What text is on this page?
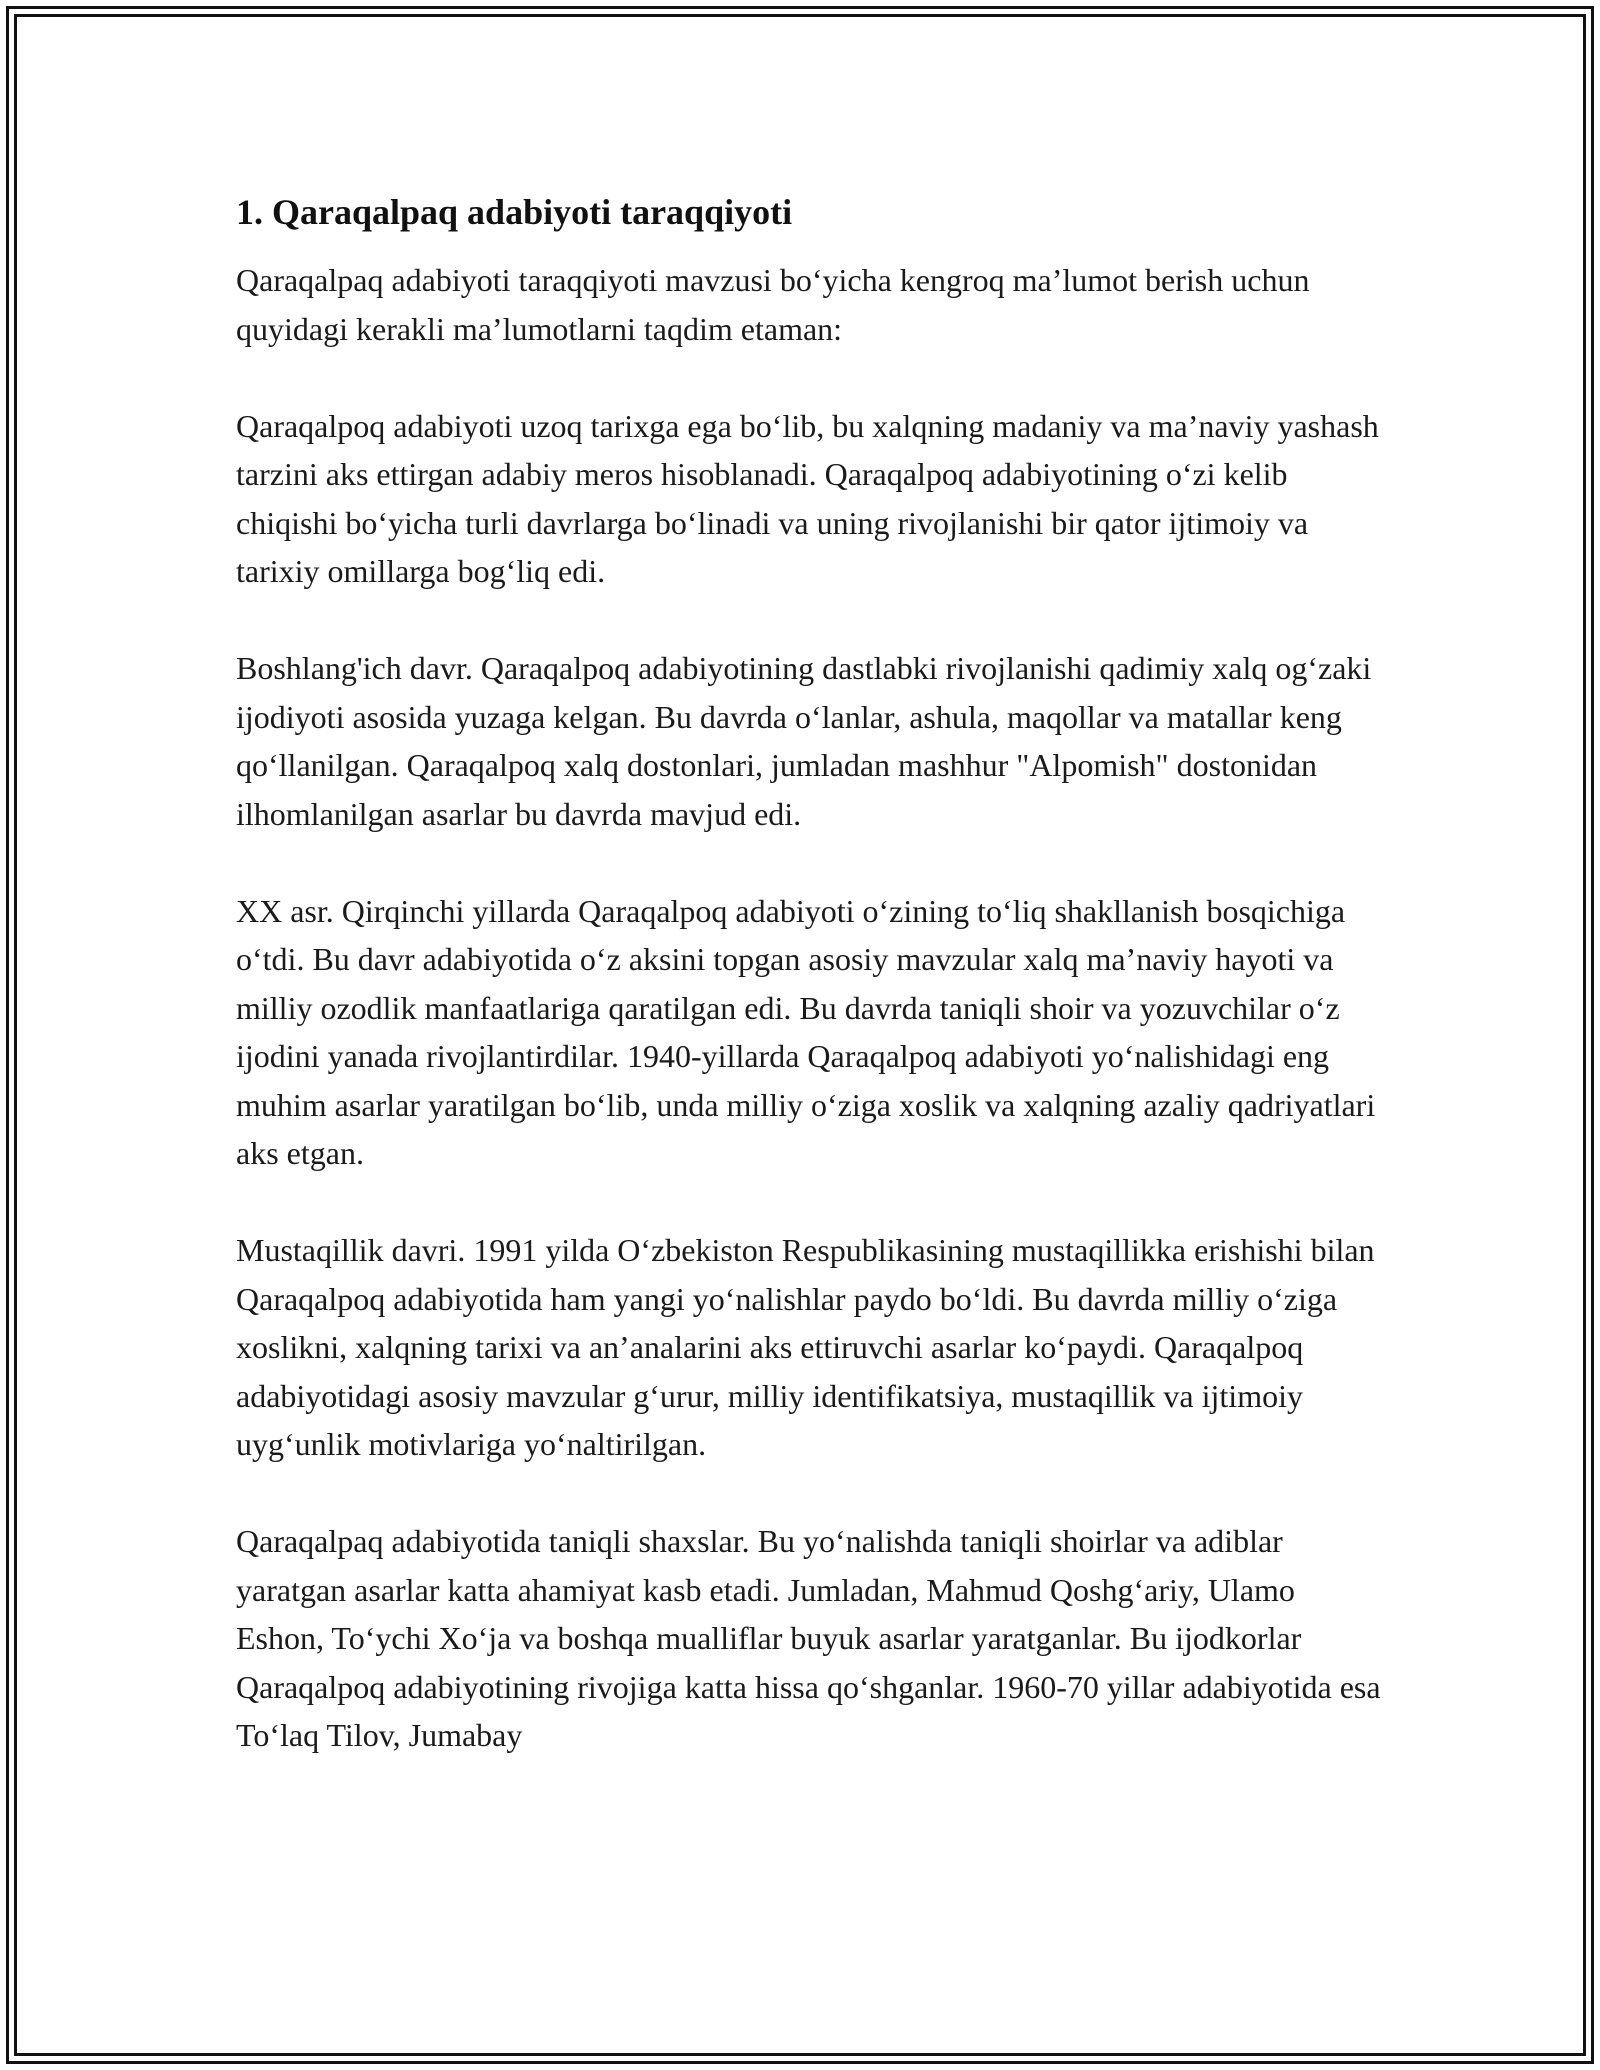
1. Qaraqalpaq adabiyoti taraqqiyoti

Qaraqalpaq adabiyoti taraqqiyoti mavzusi bo‘yicha kengroq ma’lumot berish uchun quyidagi kerakli ma’lumotlarni taqdim etaman:

Qaraqalpoq adabiyoti uzoq tarixga ega bo‘lib, bu xalqning madaniy va ma’naviy yashash tarzini aks ettirgan adabiy meros hisoblanadi. Qaraqalpoq adabiyotining o‘zi kelib chiqishi bo‘yicha turli davrlarga bo‘linadi va uning rivojlanishi bir qator ijtimoiy va tarixiy omillarga bog‘liq edi.

Boshlang'ich davr. Qaraqalpoq adabiyotining dastlabki rivojlanishi qadimiy xalq og‘zaki ijodiyoti asosida yuzaga kelgan. Bu davrda o‘lanlar, ashula, maqollar va matallar keng qo‘llanilgan. Qaraqalpoq xalq dostonlari, jumladan mashhur "Alpomish" dostonidan ilhomlanilgan asarlar bu davrda mavjud edi.

XX asr. Qirqinchi yillarda Qaraqalpoq adabiyoti o‘zining to‘liq shakllanish bosqichiga o‘tdi. Bu davr adabiyotida o‘z aksini topgan asosiy mavzular xalq ma’naviy hayoti va milliy ozodlik manfaatlariga qaratilgan edi. Bu davrda taniqli shoir va yozuvchilar o‘z ijodini yanada rivojlantirdilar. 1940-yillarda Qaraqalpoq adabiyoti yo‘nalishidagi eng muhim asarlar yaratilgan bo‘lib, unda milliy o‘ziga xoslik va xalqning azaliy qadriyatlari aks etgan.

Mustaqillik davri. 1991 yilda O‘zbekiston Respublikasining mustaqillikka erishishi bilan Qaraqalpoq adabiyotida ham yangi yo‘nalishlar paydo bo‘ldi. Bu davrda milliy o‘ziga xoslikni, xalqning tarixi va an’analarini aks ettiruvchi asarlar ko‘paydi. Qaraqalpoq adabiyotidagi asosiy mavzular g‘urur, milliy identifikatsiya, mustaqillik va ijtimoiy uyg‘unlik motivlariga yo‘naltirilgan.

Qaraqalpaq adabiyotida taniqli shaxslar. Bu yo‘nalishda taniqli shoirlar va adiblar yaratgan asarlar katta ahamiyat kasb etadi. Jumladan, Mahmud Qoshg‘ariy, Ulamo Eshon, To‘ychi Xo‘ja va boshqa mualliflar buyuk asarlar yaratganlar. Bu ijodkorlar Qaraqalpoq adabiyotining rivojiga katta hissa qo‘shganlar. 1960-70 yillar adabiyotida esa To‘laq Tilov, Jumabay
